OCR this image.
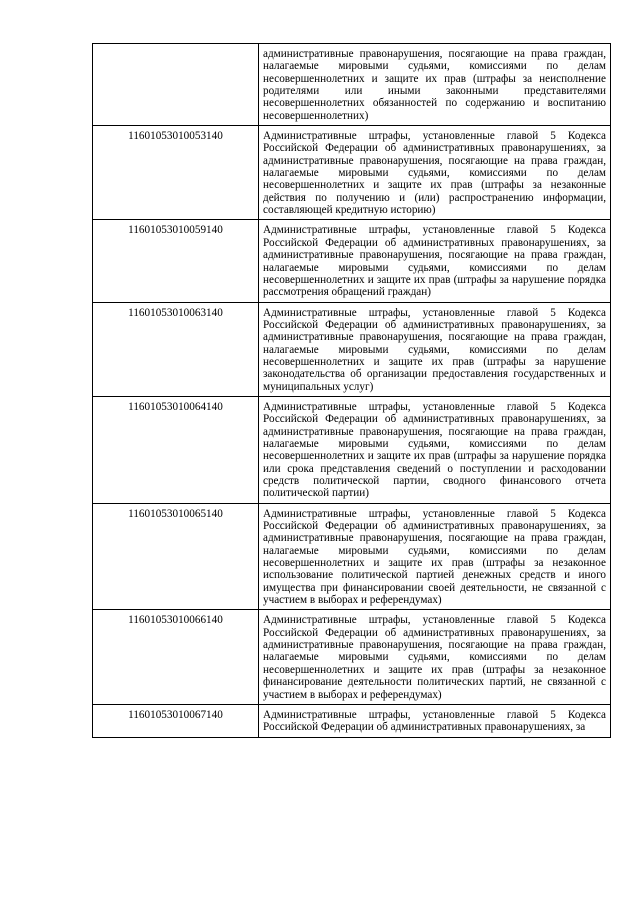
	административные правонарушения, посягающие на права граждан, налагаемые мировыми судьями, комиссиями по делам несовершеннолетних и защите их прав (штрафы за неисполнение родителями или иными законными представителями несовершеннолетних обязанностей по содержанию и воспитанию несовершеннолетних)
11601053010053140	Административные штрафы, установленные главой 5 Кодекса Российской Федерации об административных правонарушениях, за административные правонарушения, посягающие на права граждан, налагаемые мировыми судьями, комиссиями по делам несовершеннолетних и защите их прав (штрафы за незаконные действия по получению и (или) распространению информации, составляющей кредитную историю)
11601053010059140	Административные штрафы, установленные главой 5 Кодекса Российской Федерации об административных правонарушениях, за административные правонарушения, посягающие на права граждан, налагаемые мировыми судьями, комиссиями по делам несовершеннолетних и защите их прав (штрафы за нарушение порядка рассмотрения обращений граждан)
11601053010063140	Административные штрафы, установленные главой 5 Кодекса Российской Федерации об административных правонарушениях, за административные правонарушения, посягающие на права граждан, налагаемые мировыми судьями, комиссиями по делам несовершеннолетних и защите их прав (штрафы за нарушение законодательства об организации предоставления государственных и муниципальных услуг)
11601053010064140	Административные штрафы, установленные главой 5 Кодекса Российской Федерации об административных правонарушениях, за административные правонарушения, посягающие на права граждан, налагаемые мировыми судьями, комиссиями по делам несовершеннолетних и защите их прав (штрафы за нарушение порядка или срока представления сведений о поступлении и расходовании средств политической партии, сводного финансового отчета политической партии)
11601053010065140	Административные штрафы, установленные главой 5 Кодекса Российской Федерации об административных правонарушениях, за административные правонарушения, посягающие на права граждан, налагаемые мировыми судьями, комиссиями по делам несовершеннолетних и защите их прав (штрафы за незаконное использование политической партией денежных средств и иного имущества при финансировании своей деятельности, не связанной с участием в выборах и референдумах)
11601053010066140	Административные штрафы, установленные главой 5 Кодекса Российской Федерации об административных правонарушениях, за административные правонарушения, посягающие на права граждан, налагаемые мировыми судьями, комиссиями по делам несовершеннолетних и защите их прав (штрафы за незаконное финансирование деятельности политических партий, не связанной с участием в выборах и референдумах)
11601053010067140	Административные штрафы, установленные главой 5 Кодекса Российской Федерации об административных правонарушениях, за
